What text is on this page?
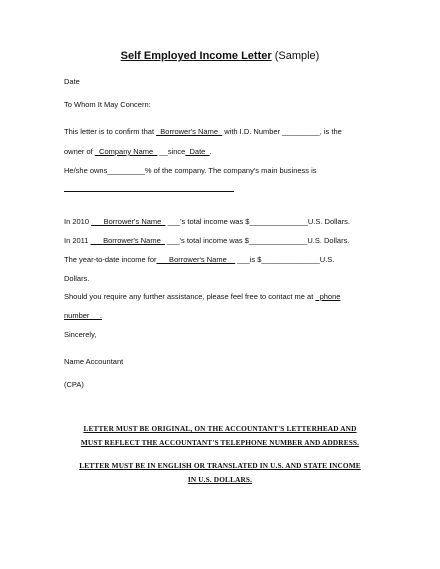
Self Employed Income Letter (Sample)
Date
To Whom It May Concern:
This letter is to confirm that _Borrower's Name_ with I.D. Number _________, is the
owner of _Company Name_ __since_Date_.
He/she owns_________% of the company. The company's main business is
In 2010 ___Borrower's Name_ ___'s total income was $______________U.S. Dollars.
In 2011 ___Borrower's Name_ ___'s total income was $______________U.S. Dollars.
The year-to-date income for___Borrower's Name__ ___is $______________U.S.
Dollars.
Should you require any further assistance, please feel free to contact me at _phone
number_ _.
Sincerely,
Name Accountant
(CPA)
LETTER MUST BE ORIGINAL, ON THE ACCOUNTANT'S LETTERHEAD AND
MUST REFLECT THE ACCOUNTANT'S TELEPHONE NUMBER AND ADDRESS.
LETTER MUST BE IN ENGLISH OR TRANSLATED IN U.S. AND STATE INCOME
IN U.S. DOLLARS.
